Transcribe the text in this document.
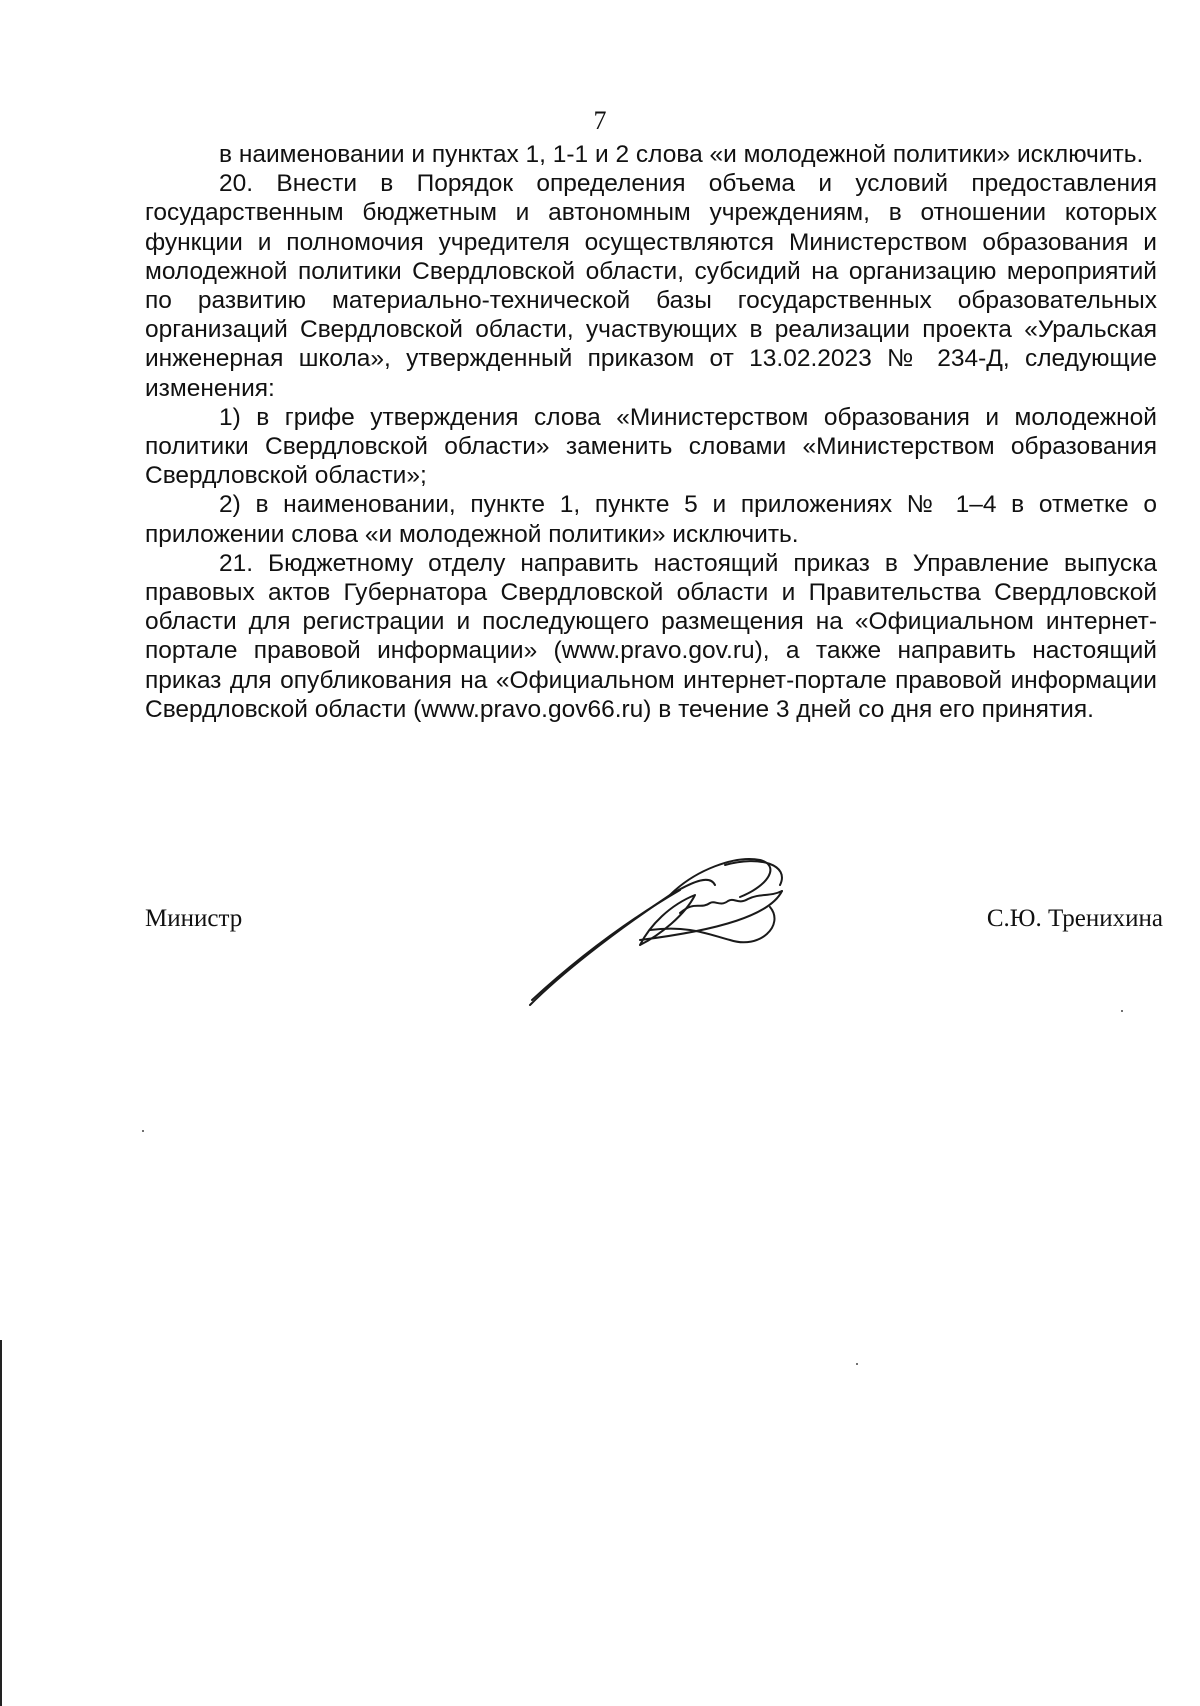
7

в наименовании и пунктах 1, 1-1 и 2 слова «и молодежной политики» исключить.

20. Внести в Порядок определения объема и условий предоставления государственным бюджетным и автономным учреждениям, в отношении которых функции и полномочия учредителя осуществляются Министерством образования и молодежной политики Свердловской области, субсидий на организацию мероприятий по развитию материально-технической базы государственных образовательных организаций Свердловской области, участвующих в реализации проекта «Уральская инженерная школа», утвержденный приказом от 13.02.2023 № 234-Д, следующие изменения:

1) в грифе утверждения слова «Министерством образования и молодежной политики Свердловской области» заменить словами «Министерством образования Свердловской области»;

2) в наименовании, пункте 1, пункте 5 и приложениях № 1–4 в отметке о приложении слова «и молодежной политики» исключить.

21. Бюджетному отделу направить настоящий приказ в Управление выпуска правовых актов Губернатора Свердловской области и Правительства Свердловской области для регистрации и последующего размещения на «Официальном интернет-портале правовой информации» (www.pravo.gov.ru), а также направить настоящий приказ для опубликования на «Официальном интернет-портале правовой информации Свердловской области (www.pravo.gov66.ru) в течение 3 дней со дня его принятия.

Министр	С.Ю. Тренихина
